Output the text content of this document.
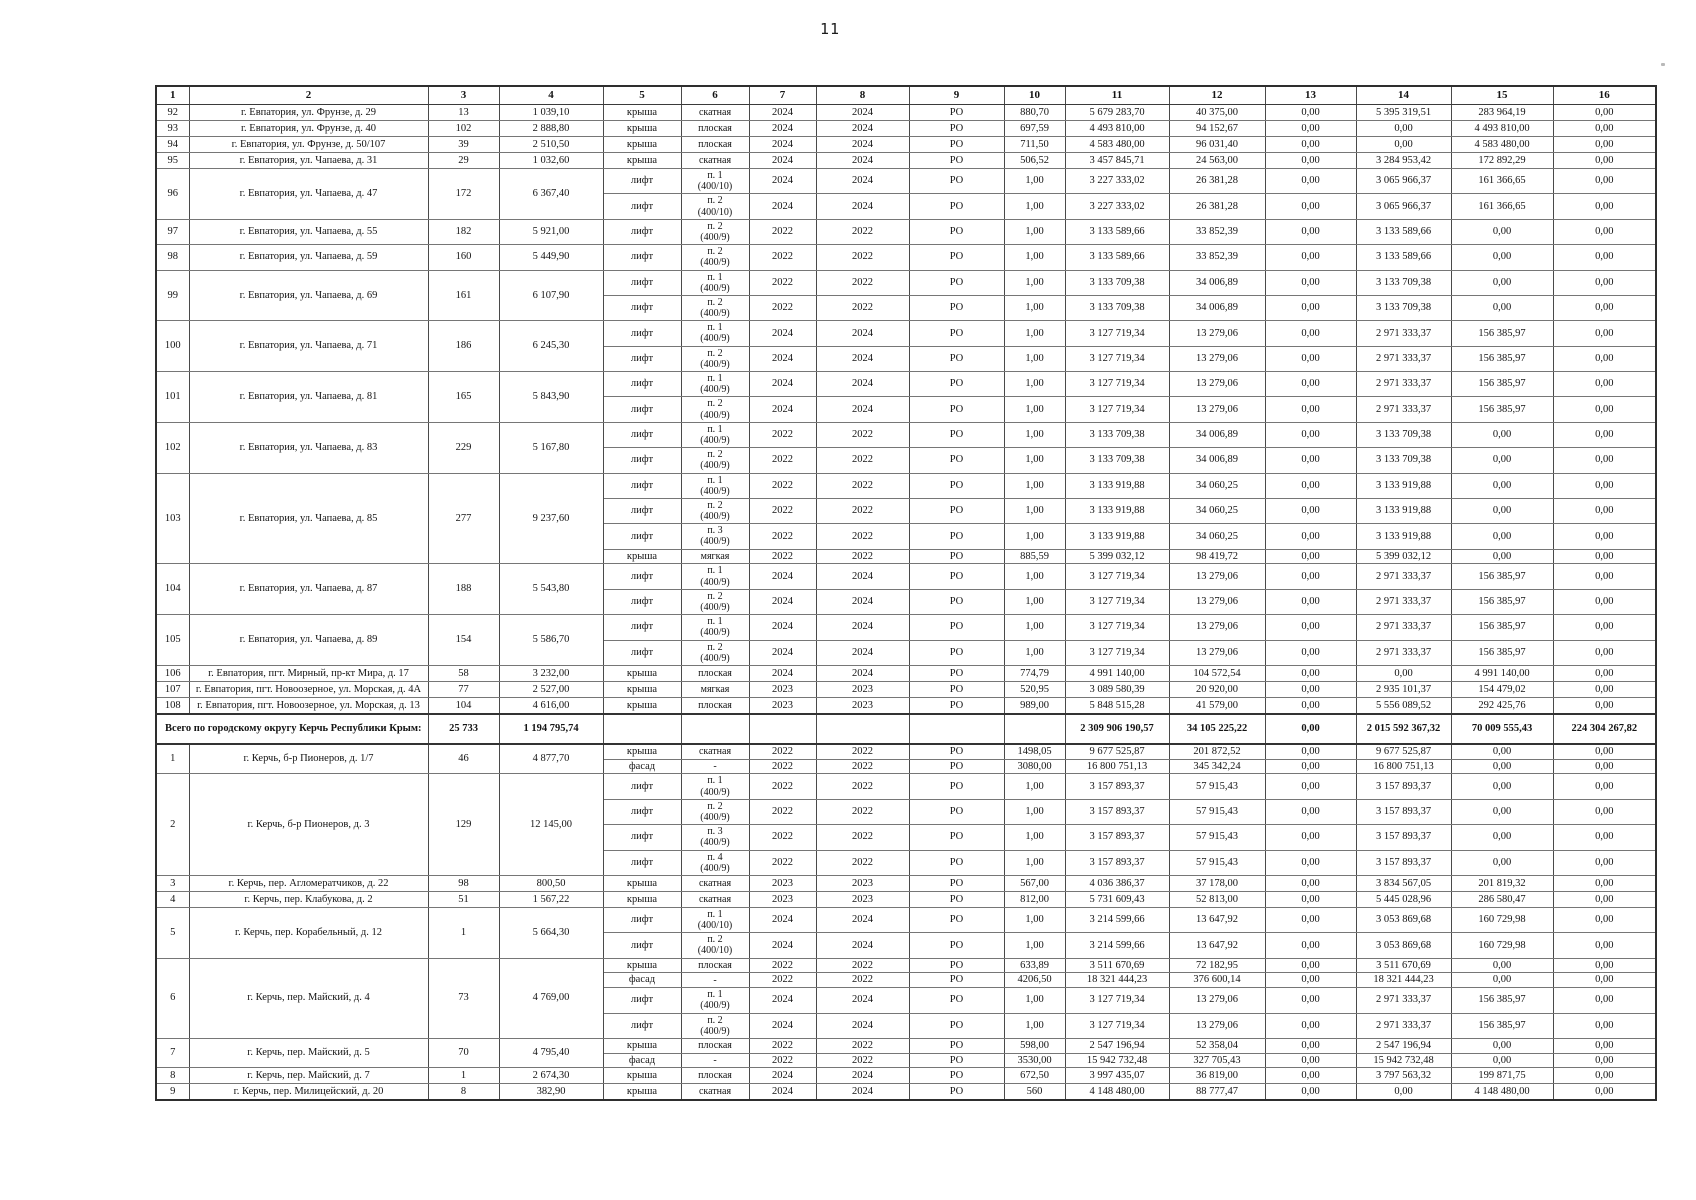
11
1	2	3	4	5	6	7	8	9	10	11	12	13	14	15	16
92	г. Евпатория, ул. Фрунзе, д. 29	13	1 039,10	крыша	скатная	2024	2024	РО	880,70	5 679 283,70	40 375,00	0,00	5 395 319,51	283 964,19	0,00
93	г. Евпатория, ул. Фрунзе, д. 40	102	2 888,80	крыша	плоская	2024	2024	РО	697,59	4 493 810,00	94 152,67	0,00	0,00	4 493 810,00	0,00
94	г. Евпатория, ул. Фрунзе, д. 50/107	39	2 510,50	крыша	плоская	2024	2024	РО	711,50	4 583 480,00	96 031,40	0,00	0,00	4 583 480,00	0,00
95	г. Евпатория, ул. Чапаева, д. 31	29	1 032,60	крыша	скатная	2024	2024	РО	506,52	3 457 845,71	24 563,00	0,00	3 284 953,42	172 892,29	0,00
96	г. Евпатория, ул. Чапаева, д. 47	172	6 367,40	лифт	п. 1
(400/10)	2024	2024	РО	1,00	3 227 333,02	26 381,28	0,00	3 065 966,37	161 366,65	0,00
				лифт	п. 2
(400/10)	2024	2024	РО	1,00	3 227 333,02	26 381,28	0,00	3 065 966,37	161 366,65	0,00
97	г. Евпатория, ул. Чапаева, д. 55	182	5 921,00	лифт	п. 2
(400/9)	2022	2022	РО	1,00	3 133 589,66	33 852,39	0,00	3 133 589,66	0,00	0,00
98	г. Евпатория, ул. Чапаева, д. 59	160	5 449,90	лифт	п. 2
(400/9)	2022	2022	РО	1,00	3 133 589,66	33 852,39	0,00	3 133 589,66	0,00	0,00
99	г. Евпатория, ул. Чапаева, д. 69	161	6 107,90	лифт	п. 1
(400/9)	2022	2022	РО	1,00	3 133 709,38	34 006,89	0,00	3 133 709,38	0,00	0,00
				лифт	п. 2
(400/9)	2022	2022	РО	1,00	3 133 709,38	34 006,89	0,00	3 133 709,38	0,00	0,00
100	г. Евпатория, ул. Чапаева, д. 71	186	6 245,30	лифт	п. 1
(400/9)	2024	2024	РО	1,00	3 127 719,34	13 279,06	0,00	2 971 333,37	156 385,97	0,00
				лифт	п. 2
(400/9)	2024	2024	РО	1,00	3 127 719,34	13 279,06	0,00	2 971 333,37	156 385,97	0,00
101	г. Евпатория, ул. Чапаева, д. 81	165	5 843,90	лифт	п. 1
(400/9)	2024	2024	РО	1,00	3 127 719,34	13 279,06	0,00	2 971 333,37	156 385,97	0,00
				лифт	п. 2
(400/9)	2024	2024	РО	1,00	3 127 719,34	13 279,06	0,00	2 971 333,37	156 385,97	0,00
102	г. Евпатория, ул. Чапаева, д. 83	229	5 167,80	лифт	п. 1
(400/9)	2022	2022	РО	1,00	3 133 709,38	34 006,89	0,00	3 133 709,38	0,00	0,00
				лифт	п. 2
(400/9)	2022	2022	РО	1,00	3 133 709,38	34 006,89	0,00	3 133 709,38	0,00	0,00
103	г. Евпатория, ул. Чапаева, д. 85	277	9 237,60	лифт	п. 1
(400/9)	2022	2022	РО	1,00	3 133 919,88	34 060,25	0,00	3 133 919,88	0,00	0,00
				лифт	п. 2
(400/9)	2022	2022	РО	1,00	3 133 919,88	34 060,25	0,00	3 133 919,88	0,00	0,00
				лифт	п. 3
(400/9)	2022	2022	РО	1,00	3 133 919,88	34 060,25	0,00	3 133 919,88	0,00	0,00
				крыша	мягкая	2022	2022	РО	885,59	5 399 032,12	98 419,72	0,00	5 399 032,12	0,00	0,00
104	г. Евпатория, ул. Чапаева, д. 87	188	5 543,80	лифт	п. 1
(400/9)	2024	2024	РО	1,00	3 127 719,34	13 279,06	0,00	2 971 333,37	156 385,97	0,00
				лифт	п. 2
(400/9)	2024	2024	РО	1,00	3 127 719,34	13 279,06	0,00	2 971 333,37	156 385,97	0,00
105	г. Евпатория, ул. Чапаева, д. 89	154	5 586,70	лифт	п. 1
(400/9)	2024	2024	РО	1,00	3 127 719,34	13 279,06	0,00	2 971 333,37	156 385,97	0,00
				лифт	п. 2
(400/9)	2024	2024	РО	1,00	3 127 719,34	13 279,06	0,00	2 971 333,37	156 385,97	0,00
106	г. Евпатория, пгт. Мирный, пр-кт Мира, д. 17	58	3 232,00	крыша	плоская	2024	2024	РО	774,79	4 991 140,00	104 572,54	0,00	0,00	4 991 140,00	0,00
107	г. Евпатория, пгт. Новоозерное, ул. Морская, д. 4А	77	2 527,00	крыша	мягкая	2023	2023	РО	520,95	3 089 580,39	20 920,00	0,00	2 935 101,37	154 479,02	0,00
108	г. Евпатория, пгт. Новоозерное, ул. Морская, д. 13	104	4 616,00	крыша	плоская	2023	2023	РО	989,00	5 848 515,28	41 579,00	0,00	5 556 089,52	292 425,76	0,00
Всего по городскому округу Керчь Республики Крым:		25 733	1 194 795,74							2 309 906 190,57	34 105 225,22	0,00	2 015 592 367,32	70 009 555,43	224 304 267,82
1	г. Керчь, б-р Пионеров, д. 1/7	46	4 877,70	крыша	скатная	2022	2022	РО	1498,05	9 677 525,87	201 872,52	0,00	9 677 525,87	0,00	0,00
				фасад	-	2022	2022	РО	3080,00	16 800 751,13	345 342,24	0,00	16 800 751,13	0,00	0,00
2	г. Керчь, б-р Пионеров, д. 3	129	12 145,00	лифт	п. 1
(400/9)	2022	2022	РО	1,00	3 157 893,37	57 915,43	0,00	3 157 893,37	0,00	0,00
				лифт	п. 2
(400/9)	2022	2022	РО	1,00	3 157 893,37	57 915,43	0,00	3 157 893,37	0,00	0,00
				лифт	п. 3
(400/9)	2022	2022	РО	1,00	3 157 893,37	57 915,43	0,00	3 157 893,37	0,00	0,00
				лифт	п. 4
(400/9)	2022	2022	РО	1,00	3 157 893,37	57 915,43	0,00	3 157 893,37	0,00	0,00
3	г. Керчь, пер. Агломератчиков, д. 22	98	800,50	крыша	скатная	2023	2023	РО	567,00	4 036 386,37	37 178,00	0,00	3 834 567,05	201 819,32	0,00
4	г. Керчь, пер. Клабукова, д. 2	51	1 567,22	крыша	скатная	2023	2023	РО	812,00	5 731 609,43	52 813,00	0,00	5 445 028,96	286 580,47	0,00
5	г. Керчь, пер. Корабельный, д. 12	1	5 664,30	лифт	п. 1
(400/10)	2024	2024	РО	1,00	3 214 599,66	13 647,92	0,00	3 053 869,68	160 729,98	0,00
				лифт	п. 2
(400/10)	2024	2024	РО	1,00	3 214 599,66	13 647,92	0,00	3 053 869,68	160 729,98	0,00
6	г. Керчь, пер. Майский, д. 4	73	4 769,00	крыша	плоская	2022	2022	РО	633,89	3 511 670,69	72 182,95	0,00	3 511 670,69	0,00	0,00
				фасад	-	2022	2022	РО	4206,50	18 321 444,23	376 600,14	0,00	18 321 444,23	0,00	0,00
				лифт	п. 1
(400/9)	2024	2024	РО	1,00	3 127 719,34	13 279,06	0,00	2 971 333,37	156 385,97	0,00
				лифт	п. 2
(400/9)	2024	2024	РО	1,00	3 127 719,34	13 279,06	0,00	2 971 333,37	156 385,97	0,00
7	г. Керчь, пер. Майский, д. 5	70	4 795,40	крыша	плоская	2022	2022	РО	598,00	2 547 196,94	52 358,04	0,00	2 547 196,94	0,00	0,00
				фасад	-	2022	2022	РО	3530,00	15 942 732,48	327 705,43	0,00	15 942 732,48	0,00	0,00
8	г. Керчь, пер. Майский, д. 7	1	2 674,30	крыша	плоская	2024	2024	РО	672,50	3 997 435,07	36 819,00	0,00	3 797 563,32	199 871,75	0,00
9	г. Керчь, пер. Милицейский, д. 20	8	382,90	крыша	скатная	2024	2024	РО	560	4 148 480,00	88 777,47	0,00	0,00	4 148 480,00	0,00
